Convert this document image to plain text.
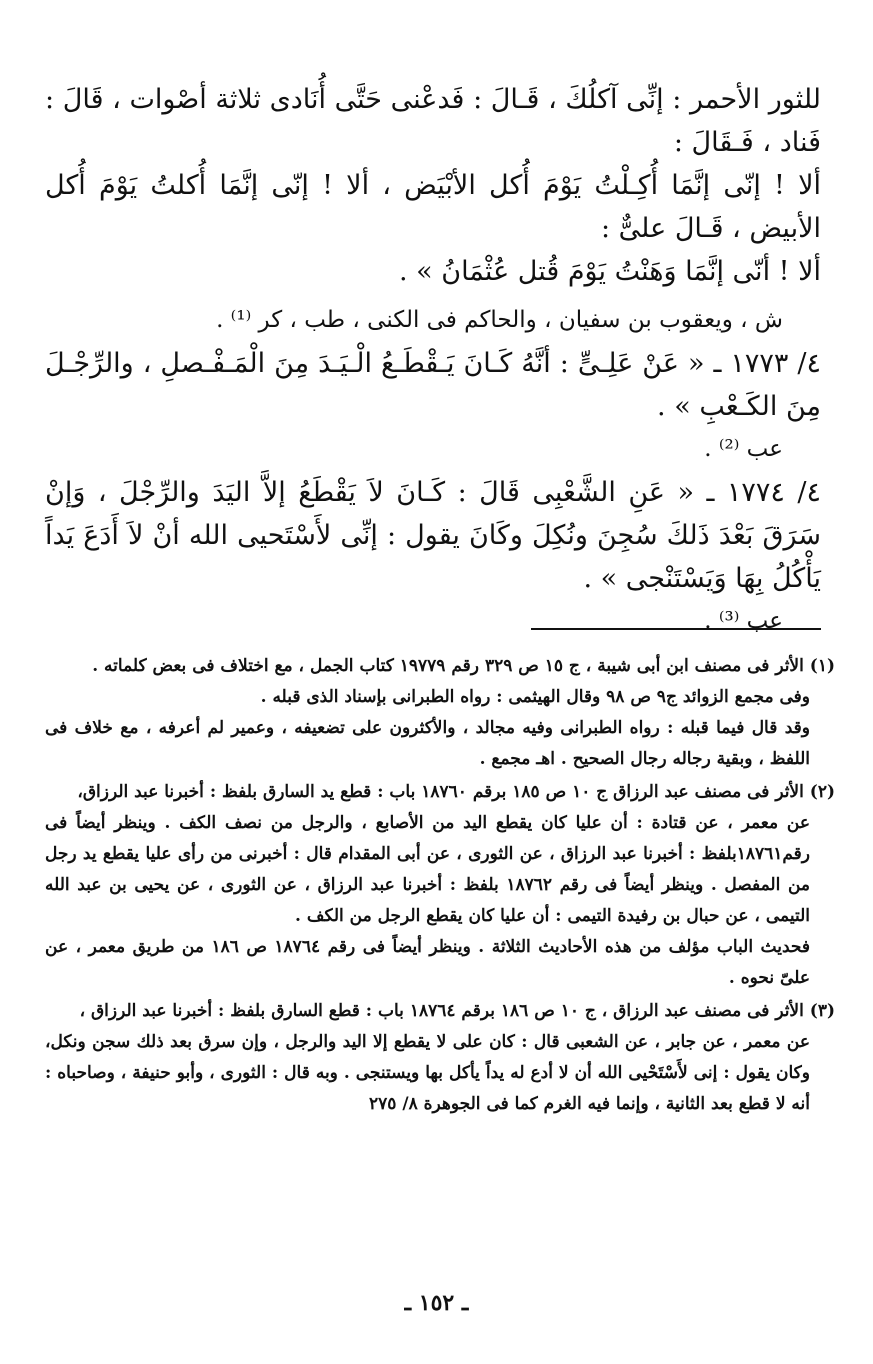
للثور الأحمر : إنِّى آكلُكَ ، قَـالَ : فَدعْنى حَتَّى أُنَادى ثلاثة أصْوات ، قَالَ : فَناد ، فَـقَالَ :

ألا ! إنّى إنَّمَا أُكِـلْتُ يَوْمَ أُكل الأبْيَض ، ألا ! إنّى إنَّمَا أُكلتُ يَوْمَ أُكل الأبيض ، قَـالَ علىٌّ :

ألا ! أنّى إنَّمَا وَهَنْتُ يَوْمَ قُتل عُثْمَانُ » .

ش ، ويعقوب بن سفيان ، والحاكم فى الكنى ، طب ، كر ⁽¹⁾ .

٤/ ١٧٧٣ ـ « عَنْ عَلِـىٍّ : أنَّهُ كَـانَ يَـقْطَـعُ الْـيَـدَ مِنَ الْمَـفْـصلِ ، والرِّجْـلَ مِنَ الكَـعْبِ » .

عب ⁽²⁾ .

٤/ ١٧٧٤ ـ « عَنِ الشَّعْبِى قَالَ : كَـانَ لاَ يَقْطَعُ إلاَّ اليَدَ والرِّجْلَ ، وَإنْ سَرَقَ بَعْدَ ذَلكَ سُجِنَ ونُكِلَ وكَانَ يقول : إنِّى لأَسْتَحيى الله أنْ لاَ أَدَعَ يَداً يَأْكُلُ بِهَا وَيَسْتَنْجى » .

عب ⁽³⁾ .

(١) الأثر فى مصنف ابن أبى شيبة ، ج ١٥ ص ٣٢٩ رقم ١٩٧٧٩ كتاب الجمل ، مع اختلاف فى بعض كلماته .
وفى مجمع الزوائد ج٩ ص ٩٨ وقال الهيثمى : رواه الطبرانى بإسناد الذى قبله .
وقد قال فيما قبله : رواه الطبرانى وفيه مجالد ، والأكثرون على تضعيفه ، وعمير لم أعرفه ، مع خلاف فى اللفظ ، وبقية رجاله رجال الصحيح . اهـ مجمع .

(٢) الأثر فى مصنف عبد الرزاق ج ١٠ ص ١٨٥ برقم ١٨٧٦٠ باب : قطع يد السارق بلفظ : أخبرنا عبد الرزاق،
عن معمر ، عن قتادة : أن عليا كان يقطع اليد من الأصابع ، والرجل من نصف الكف . وينظر أيضاً فى رقم١٨٧٦١بلفظ : أخبرنا عبد الرزاق ، عن الثورى ، عن أبى المقدام قال : أخبرنى من رأى عليا يقطع يد رجل من المفصل . وينظر أيضاً فى رقم ١٨٧٦٢ بلفظ : أخبرنا عبد الرزاق ، عن الثورى ، عن يحيى بن عبد الله التيمى ، عن حبال بن رفيدة التيمى : أن عليا كان يقطع الرجل من الكف .
فحديث الباب مؤلف من هذه الأحاديث الثلاثة . وينظر أيضاً فى رقم ١٨٧٦٤ ص ١٨٦ من طريق معمر ، عن علىّ نحوه .

(٣) الأثر فى مصنف عبد الرزاق ، ج ١٠ ص ١٨٦ برقم ١٨٧٦٤ باب : قطع السارق بلفظ : أخبرنا عبد الرزاق ،
عن معمر ، عن جابر ، عن الشعبى قال : كان على لا يقطع إلا اليد والرجل ، وإن سرق بعد ذلك سجن ونكل، وكان يقول : إنى لأَسْتَحْيى الله أن لا أدع له يداً يأكل بها ويستنجى . وبه قال : الثورى ، وأبو حنيفة ، وصاحباه : أنه لا قطع بعد الثانية ، وإنما فيه الغرم كما فى الجوهرة ٨/ ٢٧٥

ـ ١٥٢ ـ
